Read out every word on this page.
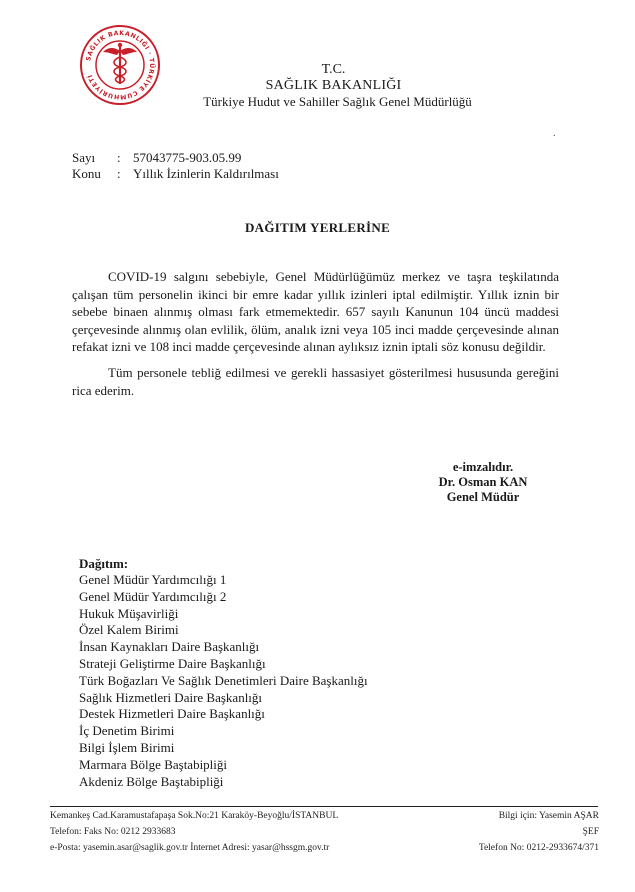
SAĞLIK BAKANLIĞI · TÜRKİYE CUMHURİYETİ	T.C.
SAĞLIK BAKANLIĞI
Türkiye Hudut ve Sahiller Sağlık Genel Müdürlüğü
.
Sayı : 57043775-903.05.99
Konu : Yıllık İzinlerin Kaldırılması
DAĞITIM YERLERİNE
COVID-19 salgını sebebiyle, Genel Müdürlüğümüz merkez ve taşra teşkilatında çalışan tüm personelin ikinci bir emre kadar yıllık izinleri iptal edilmiştir. Yıllık iznin bir sebebe binaen alınmış olması fark etmemektedir. 657 sayılı Kanunun 104 üncü maddesi çerçevesinde alınmış olan evlilik, ölüm, analık izni veya 105 inci madde çerçevesinde alınan refakat izni ve 108 inci madde çerçevesinde alınan aylıksız iznin iptali söz konusu değildir.
Tüm personele tebliğ edilmesi ve gerekli hassasiyet gösterilmesi hususunda gereğini rica ederim.
e-imzalıdır.
Dr. Osman KAN
Genel Müdür
Dağıtım:
Genel Müdür Yardımcılığı 1
Genel Müdür Yardımcılığı 2
Hukuk Müşavirliği
Özel Kalem Birimi
İnsan Kaynakları Daire Başkanlığı
Strateji Geliştirme Daire Başkanlığı
Türk Boğazları Ve Sağlık Denetimleri Daire Başkanlığı
Sağlık Hizmetleri Daire Başkanlığı
Destek Hizmetleri Daire Başkanlığı
İç Denetim Birimi
Bilgi İşlem Birimi
Marmara Bölge Baştabipliği
Akdeniz Bölge Baştabipliği
Kemankeş Cad.Karamustafapaşa Sok.No:21 Karaköy-Beyoğlu/İSTANBUL
Telefon: Faks No: 0212 2933683
e-Posta: yasemin.asar@saglik.gov.tr İnternet Adresi: yasar@hssgm.gov.tr
Bilgi için: Yasemin AŞAR
ŞEF
Telefon No: 0212-2933674/371
